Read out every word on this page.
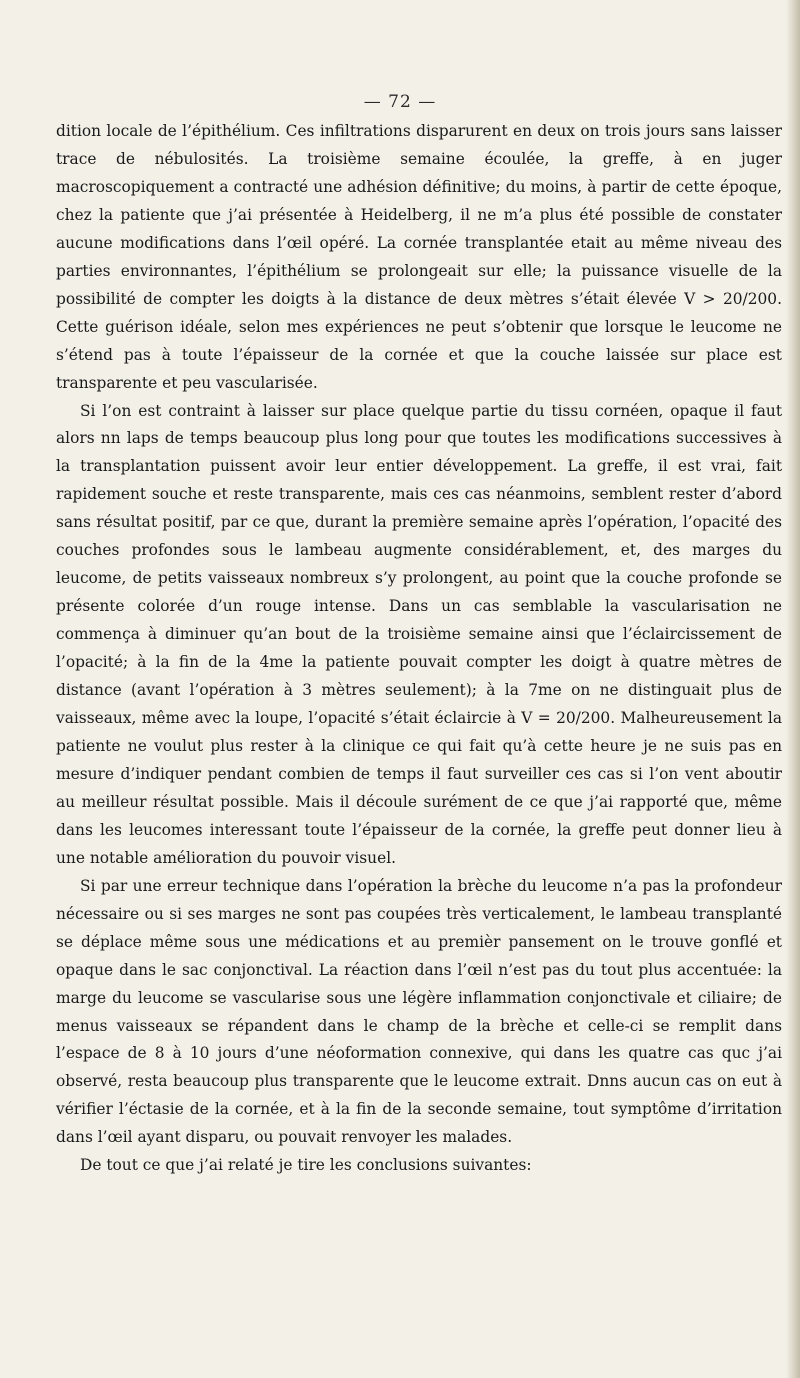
— 72 —

dition locale de l’épithélium. Ces infiltrations disparurent en deux on trois jours sans laisser trace de nébulosités. La troisième semaine écoulée, la greffe, à en juger macroscopiquement a contracté une adhésion définitive; du moins, à partir de cette époque, chez la patiente que j’ai présentée à Heidelberg, il ne m’a plus été possible de constater aucune modifications dans l’œil opéré. La cornée transplantée etait au même niveau des parties environnantes, l’épithélium se prolongeait sur elle; la puissance visuelle de la possibilité de compter les doigts à la distance de deux mètres s’était élevée V > 20/200. Cette guérison idéale, selon mes expériences ne peut s’obtenir que lorsque le leucome ne s’étend pas à toute l’épaisseur de la cornée et que la couche laissée sur place est transparente et peu vascularisée.

Si l’on est contraint à laisser sur place quelque partie du tissu cornéen, opaque il faut alors nn laps de temps beaucoup plus long pour que toutes les modifications successives à la transplantation puissent avoir leur entier développement. La greffe, il est vrai, fait rapidement souche et reste transparente, mais ces cas néanmoins, semblent rester d’abord sans résultat positif, par ce que, durant la première semaine après l’opération, l’opacité des couches profondes sous le lambeau augmente considérablement, et, des marges du leucome, de petits vaisseaux nombreux s’y prolongent, au point que la couche profonde se présente colorée d’un rouge intense. Dans un cas semblable la vascularisation ne commença à diminuer qu’an bout de la troisième semaine ainsi que l’éclaircissement de l’opacité; à la fin de la 4me la patiente pouvait compter les doigt à quatre mètres de distance (avant l’opération à 3 mètres seulement); à la 7me on ne distinguait plus de vaisseaux, même avec la loupe, l’opacité s’était éclaircie à V = 20/200. Malheureusement la patiente ne voulut plus rester à la clinique ce qui fait qu’à cette heure je ne suis pas en mesure d’indiquer pendant combien de temps il faut surveiller ces cas si l’on vent aboutir au meilleur résultat possible. Mais il découle surément de ce que j’ai rapporté que, même dans les leucomes interessant toute l’épaisseur de la cornée, la greffe peut donner lieu à une notable amélioration du pouvoir visuel.

Si par une erreur technique dans l’opération la brèche du leucome n’a pas la profondeur nécessaire ou si ses marges ne sont pas coupées très verticalement, le lambeau transplanté se déplace même sous une médications et au premièr pansement on le trouve gonflé et opaque dans le sac conjonctival. La réaction dans l’œil n’est pas du tout plus accentuée: la marge du leucome se vascularise sous une légère inflammation conjonctivale et ciliaire; de menus vaisseaux se répandent dans le champ de la brèche et celle-ci se remplit dans l’espace de 8 à 10 jours d’une néoformation connexive, qui dans les quatre cas quc j’ai observé, resta beaucoup plus transparente que le leucome extrait. Dnns aucun cas on eut à vérifier l’éctasie de la cornée, et à la fin de la seconde semaine, tout symptôme d’irritation dans l’œil ayant disparu, ou pouvait renvoyer les malades.

De tout ce que j’ai relaté je tire les conclusions suivantes:
